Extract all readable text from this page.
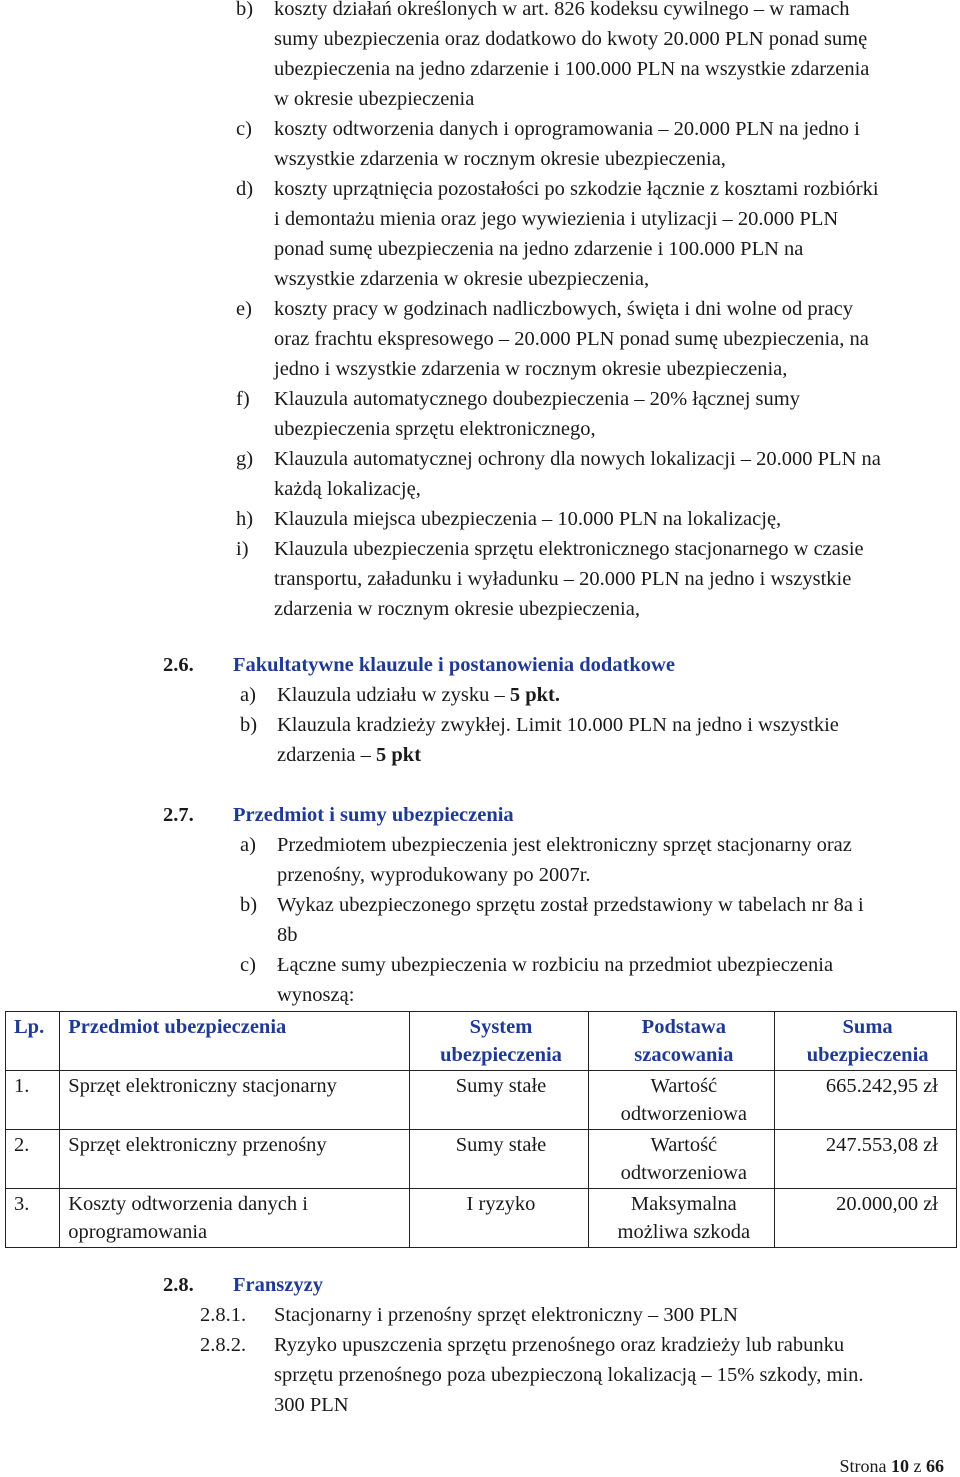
b)	koszty działań określonych w art. 826 kodeksu cywilnego – w ramach
sumy ubezpieczenia oraz dodatkowo do kwoty 20.000 PLN ponad sumę
ubezpieczenia na jedno zdarzenie i 100.000 PLN na wszystkie zdarzenia
w okresie ubezpieczenia
c)	koszty odtworzenia danych i oprogramowania – 20.000 PLN na jedno i
wszystkie zdarzenia w rocznym okresie ubezpieczenia,
d)	koszty uprzątnięcia pozostałości po szkodzie łącznie z kosztami rozbiórki
i demontażu mienia oraz jego wywiezienia i utylizacji – 20.000 PLN
ponad sumę ubezpieczenia na jedno zdarzenie i 100.000 PLN na
wszystkie zdarzenia w okresie ubezpieczenia,
e)	koszty pracy w godzinach nadliczbowych, święta i dni wolne od pracy
oraz frachtu ekspresowego – 20.000 PLN ponad sumę ubezpieczenia, na
jedno i wszystkie zdarzenia w rocznym okresie ubezpieczenia,
f)	Klauzula automatycznego doubezpieczenia – 20% łącznej sumy
ubezpieczenia sprzętu elektronicznego,
g)	Klauzula automatycznej ochrony dla nowych lokalizacji – 20.000 PLN na
każdą lokalizację,
h)	Klauzula miejsca ubezpieczenia – 10.000 PLN na lokalizację,
i)	Klauzula ubezpieczenia sprzętu elektronicznego stacjonarnego w czasie
transportu, załadunku i wyładunku – 20.000 PLN na jedno i wszystkie
zdarzenia w rocznym okresie ubezpieczenia,
2.6.	Fakultatywne klauzule i postanowienia dodatkowe
a)	Klauzula udziału w zysku – 5 pkt.
b) Klauzula kradzieży zwykłej. Limit 10.000 PLN na jedno i wszystkie
zdarzenia – 5 pkt
2.7.	Przedmiot i sumy ubezpieczenia
a)	Przedmiotem ubezpieczenia jest elektroniczny sprzęt stacjonarny oraz
przenośny, wyprodukowany po 2007r.
b) Wykaz ubezpieczonego sprzętu został przedstawiony w tabelach nr 8a i
8b
c)	Łączne sumy ubezpieczenia w rozbiciu na przedmiot ubezpieczenia
wynoszą:
Lp.	Przedmiot ubezpieczenia	System ubezpieczenia	Podstawa szacowania	Suma ubezpieczenia
1.	Sprzęt elektroniczny stacjonarny	Sumy stałe	Wartość odtworzeniowa	665.242,95 zł
2.	Sprzęt elektroniczny przenośny	Sumy stałe	Wartość odtworzeniowa	247.553,08 zł
3.	Koszty odtworzenia danych i oprogramowania	I ryzyko	Maksymalna możliwa szkoda	20.000,00 zł
2.8.	Franszyzy
2.8.1.	Stacjonarny i przenośny sprzęt elektroniczny – 300 PLN
2.8.2.	Ryzyko upuszczenia sprzętu przenośnego oraz kradzieży lub rabunku
sprzętu przenośnego poza ubezpieczoną lokalizacją – 15% szkody, min.
300 PLN
Strona 10 z 66
